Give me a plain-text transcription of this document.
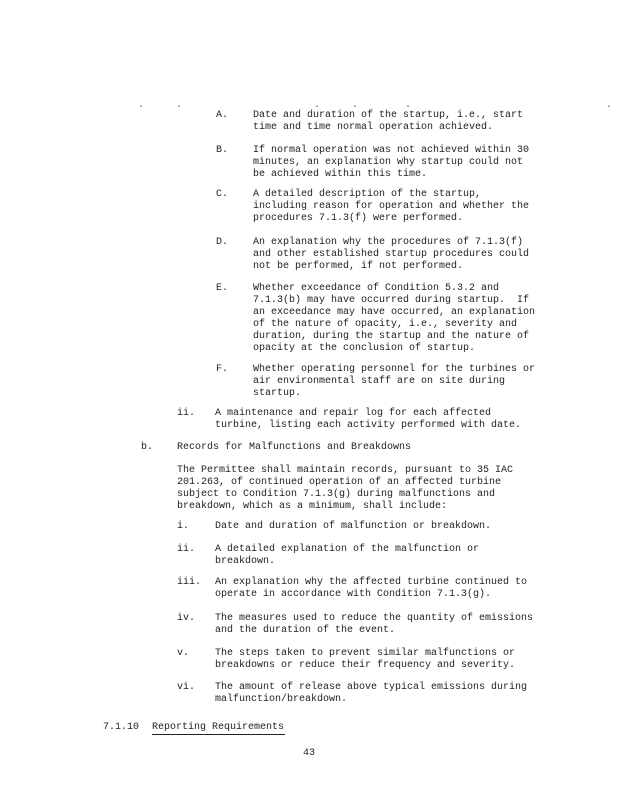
.	.	.	.	.	.
A. Date and duration of the startup, i.e., start
time and time normal operation achieved.
B. If normal operation was not achieved within 30
minutes, an explanation why startup could not
be achieved within this time.
C. A detailed description of the startup,
including reason for operation and whether the
procedures 7.1.3(f) were performed.
D. An explanation why the procedures of 7.1.3(f)
and other established startup procedures could
not be performed, if not performed.
E. Whether exceedance of Condition 5.3.2 and
7.1.3(b) may have occurred during startup.  If
an exceedance may have occurred, an explanation
of the nature of opacity, i.e., severity and
duration, during the startup and the nature of
opacity at the conclusion of startup.
F. Whether operating personnel for the turbines or
air environmental staff are on site during
startup.
ii. A maintenance and repair log for each affected
turbine, listing each activity performed with date.
b. Records for Malfunctions and Breakdowns
The Permittee shall maintain records, pursuant to 35 IAC
201.263, of continued operation of an affected turbine
subject to Condition 7.1.3(g) during malfunctions and
breakdown, which as a minimum, shall include:
i.	Date and duration of malfunction or breakdown.
ii. A detailed explanation of the malfunction or
breakdown.
iii. An explanation why the affected turbine continued to
operate in accordance with Condition 7.1.3(g).
iv. The measures used to reduce the quantity of emissions
and the duration of the event.
v.	The steps taken to prevent similar malfunctions or
breakdowns or reduce their frequency and severity.
vi. The amount of release above typical emissions during
malfunction/breakdown.
7.1.10 Reporting Requirements
43
